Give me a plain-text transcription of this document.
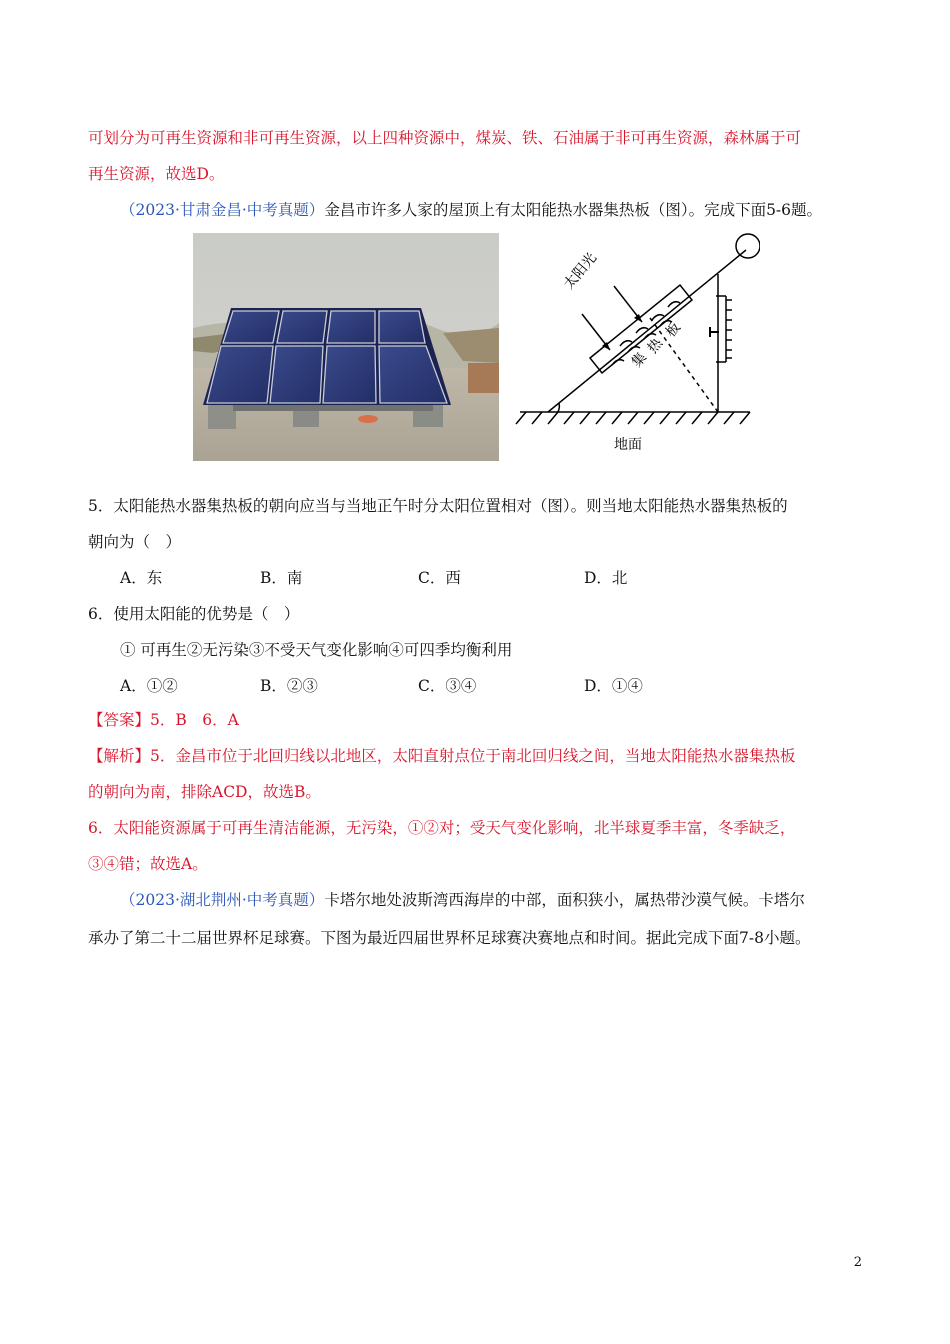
可划分为可再生资源和非可再生资源，以上四种资源中，煤炭、铁、石油属于非可再生资源，森林属于可
再生资源，故选D。
（2023·甘肃金昌·中考真题）金昌市许多人家的屋顶上有太阳能热水器集热板（图）。完成下面5-6题。
太阳光
集
热
板
地面
5．太阳能热水器集热板的朝向应当与当地正午时分太阳位置相对（图）。则当地太阳能热水器集热板的
朝向为（　）
A．东	B．南	C．西	D．北
6．使用太阳能的优势是（　）
① 可再生②无污染③不受天气变化影响④可四季均衡利用
A．①②	B．②③	C．③④	D．①④
【答案】5．B　6．A
【解析】5．金昌市位于北回归线以北地区，太阳直射点位于南北回归线之间，当地太阳能热水器集热板
的朝向为南，排除ACD，故选B。
6．太阳能资源属于可再生清洁能源，无污染，①②对；受天气变化影响，北半球夏季丰富，冬季缺乏，
③④错；故选A。
（2023·湖北荆州·中考真题）卡塔尔地处波斯湾西海岸的中部，面积狭小，属热带沙漠气候。卡塔尔
承办了第二十二届世界杯足球赛。下图为最近四届世界杯足球赛决赛地点和时间。据此完成下面7-8小题。
2
